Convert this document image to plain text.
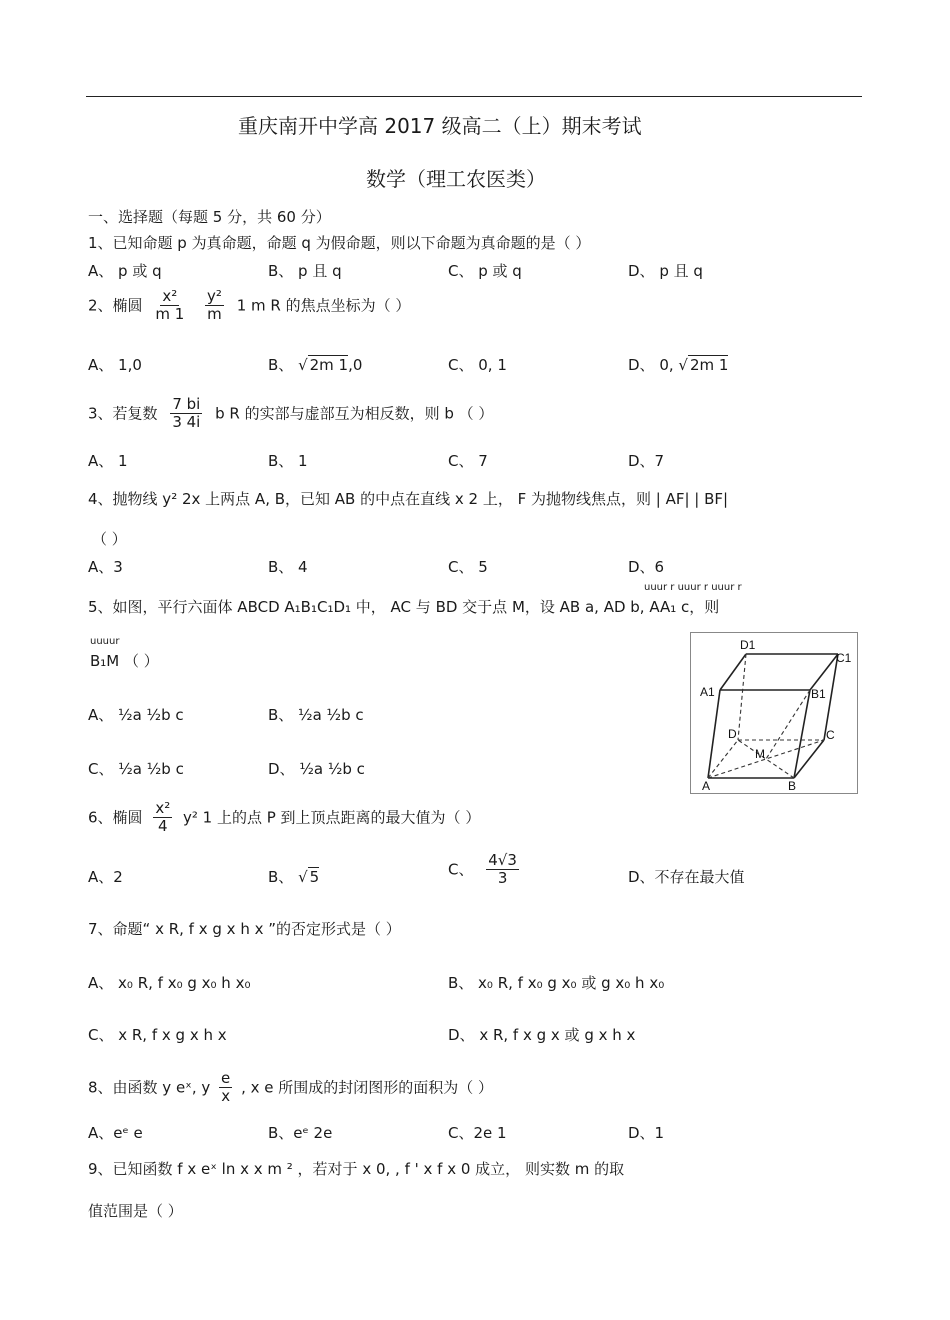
重庆南开中学高 2017 级高二（上）期末考试
数学（理工农医类）
一、选择题（每题 5 分，共 60 分）
1、已知命题 p 为真命题，命题 q 为假命题，则以下命题为真命题的是（ ）
A、 p 或 q	B、 p 且 q	C、 p 或 q	D、 p 且 q
2、椭圆 $\frac{\text{x²}}{m 1}$
$\frac{\text{y²}}{m} 1$ m R 的焦点坐标为（ ）
A、 1,0	B、 √ 2m 1,0	C、 0, 1	D、 0, √ 2m 1
3、若复数 $\frac{7 bi}{3 4i}$ b R 的实部与虚部互为相反数，则 b （ ）
A、 1	B、 1	C、 7	D、7
4、抛物线 y² 2x 上两点 A, B，已知 AB 的中点在直线 x 2 上， F 为抛物线焦点，则 | AF| | BF|
（ ）
A、3	B、 4	C、 5	D、6
uuur r uuur r uuur r
5、如图，平行六面体 ABCD A₁B₁C₁D₁ 中， AC 与 BD 交于点 M，设 AB a, AD b, AA₁ c，则
uuuur
B₁M （ ）
A、 ½a ½b c	B、 ½a ½b c
C、 ½a ½b c	D、 ½a ½b c
D1
C1
A1	B1
D	C
M
A	B
6、椭圆 $\frac{\text{x²}}{4} y^2$ 1 上的点 P 到上顶点距离的最大值为（ ）
A、2	B、 √ 5	C、 $\frac{4√3}{3}$	D、不存在最大值
7、命题“ x R, f x g x h x ”的否定形式是（ ）
A、 x₀ R, f x₀ g x₀ h x₀	B、 x₀ R, f x₀ g x₀ 或 g x₀ h x₀
C、 x R, f x g x h x	D、 x R, f x g x 或 g x h x
8、由函数 y eˣ, y $\frac{e}{x}$ , x e 所围成的封闭图形的面积为（ ）
A、eᵉ e	B、eᵉ 2e	C、2e 1	D、1
9、已知函数 f x eˣ ln x x m ² ，若对于 x 0, , f ' x f x 0 成立， 则实数 m 的取
值范围是（ ）
